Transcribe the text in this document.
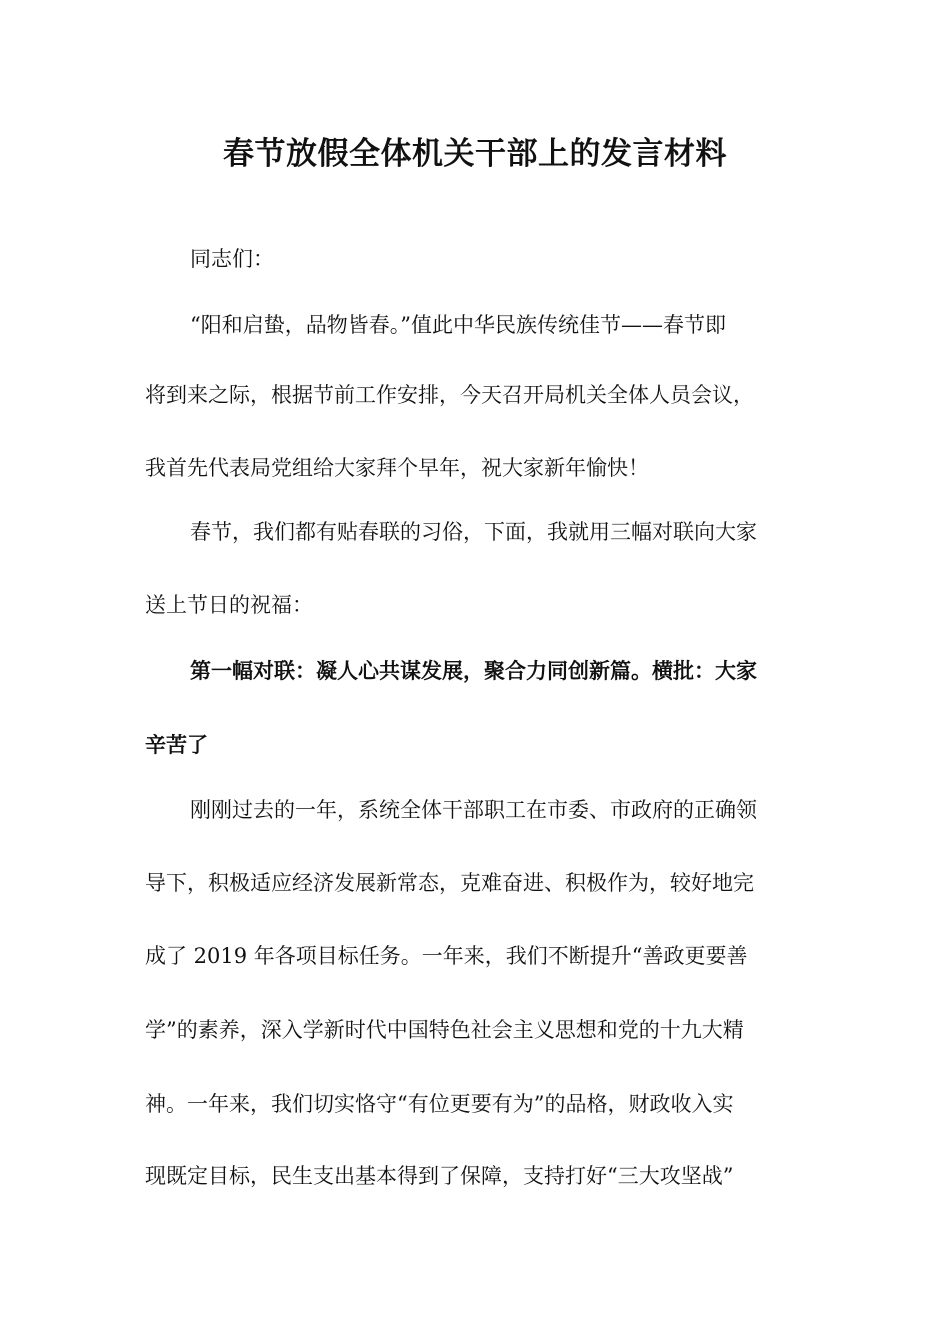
春节放假全体机关干部上的发言材料

同志们：

“阳和启蛰，品物皆春。”值此中华民族传统佳节——春节即

将到来之际，根据节前工作安排，今天召开局机关全体人员会议，

我首先代表局党组给大家拜个早年，祝大家新年愉快！

春节，我们都有贴春联的习俗，下面，我就用三幅对联向大家

送上节日的祝福：

第一幅对联：凝人心共谋发展，聚合力同创新篇。横批：大家

辛苦了

刚刚过去的一年，系统全体干部职工在市委、市政府的正确领

导下，积极适应经济发展新常态，克难奋进、积极作为，较好地完

成了 2019 年各项目标任务。一年来，我们不断提升“善政更要善

学”的素养，深入学新时代中国特色社会主义思想和党的十九大精

神。一年来，我们切实恪守“有位更要有为”的品格，财政收入实

现既定目标，民生支出基本得到了保障，支持打好“三大攻坚战”
